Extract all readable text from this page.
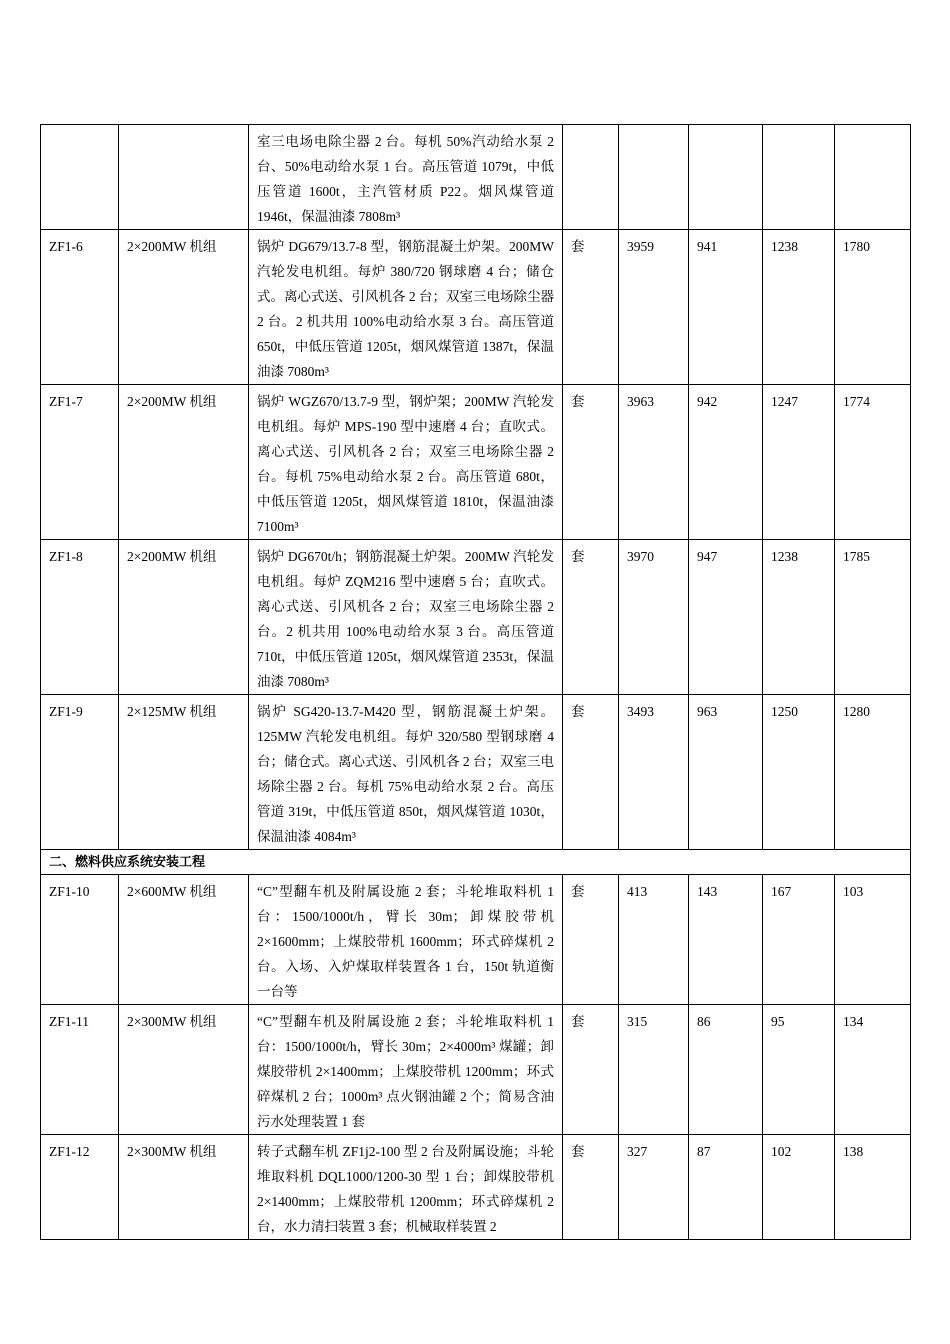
		室三电场电除尘器 2 台。每机 50%汽动给水泵 2 台、50%电动给水泵 1 台。高压管道 1079t，中低压管道 1600t，主汽管材质 P22。烟风煤管道 1946t，保温油漆 7808m³					
ZF1-6	2×200MW 机组	锅炉 DG679/13.7-8 型，钢筋混凝土炉架。200MW 汽轮发电机组。每炉 380/720 钢球磨 4 台；储仓式。离心式送、引风机各 2 台；双室三电场除尘器 2 台。2 机共用 100%电动给水泵 3 台。高压管道 650t，中低压管道 1205t，烟风煤管道 1387t，保温油漆 7080m³	套	3959	941	1238	1780
ZF1-7	2×200MW 机组	锅炉 WGZ670/13.7-9 型，钢炉架；200MW 汽轮发电机组。每炉 MPS-190 型中速磨 4 台；直吹式。离心式送、引风机各 2 台；双室三电场除尘器 2 台。每机 75%电动给水泵 2 台。高压管道 680t，中低压管道 1205t，烟风煤管道 1810t，保温油漆 7100m³	套	3963	942	1247	1774
ZF1-8	2×200MW 机组	锅炉 DG670t/h；钢筋混凝土炉架。200MW 汽轮发电机组。每炉 ZQM216 型中速磨 5 台；直吹式。离心式送、引风机各 2 台；双室三电场除尘器 2 台。2 机共用 100%电动给水泵 3 台。高压管道 710t，中低压管道 1205t，烟风煤管道 2353t，保温油漆 7080m³	套	3970	947	1238	1785
ZF1-9	2×125MW 机组	锅炉 SG420-13.7-M420 型，钢筋混凝土炉架。125MW 汽轮发电机组。每炉 320/580 型钢球磨 4 台；储仓式。离心式送、引风机各 2 台；双室三电场除尘器 2 台。每机 75%电动给水泵 2 台。高压管道 319t，中低压管道 850t，烟风煤管道 1030t，保温油漆 4084m³	套	3493	963	1250	1280
二、燃料供应系统安装工程							
ZF1-10	2×600MW 机组	“C”型翻车机及附属设施 2 套；斗轮堆取料机 1 台：1500/1000t/h，臂长 30m；卸煤胶带机 2×1600mm；上煤胶带机 1600mm；环式碎煤机 2 台。入场、入炉煤取样装置各 1 台，150t 轨道衡一台等	套	413	143	167	103
ZF1-11	2×300MW 机组	“C”型翻车机及附属设施 2 套；斗轮堆取料机 1 台：1500/1000t/h，臂长 30m；2×4000m³ 煤罐；卸煤胶带机 2×1400mm；上煤胶带机 1200mm；环式碎煤机 2 台；1000m³ 点火钢油罐 2 个；简易含油污水处理装置 1 套	套	315	86	95	134
ZF1-12	2×300MW 机组	转子式翻车机 ZF1j2-100 型 2 台及附属设施；斗轮堆取料机 DQL1000/1200-30 型 1 台；卸煤胶带机 2×1400mm；上煤胶带机 1200mm；环式碎煤机 2 台，水力清扫装置 3 套；机械取样装置 2	套	327	87	102	138
